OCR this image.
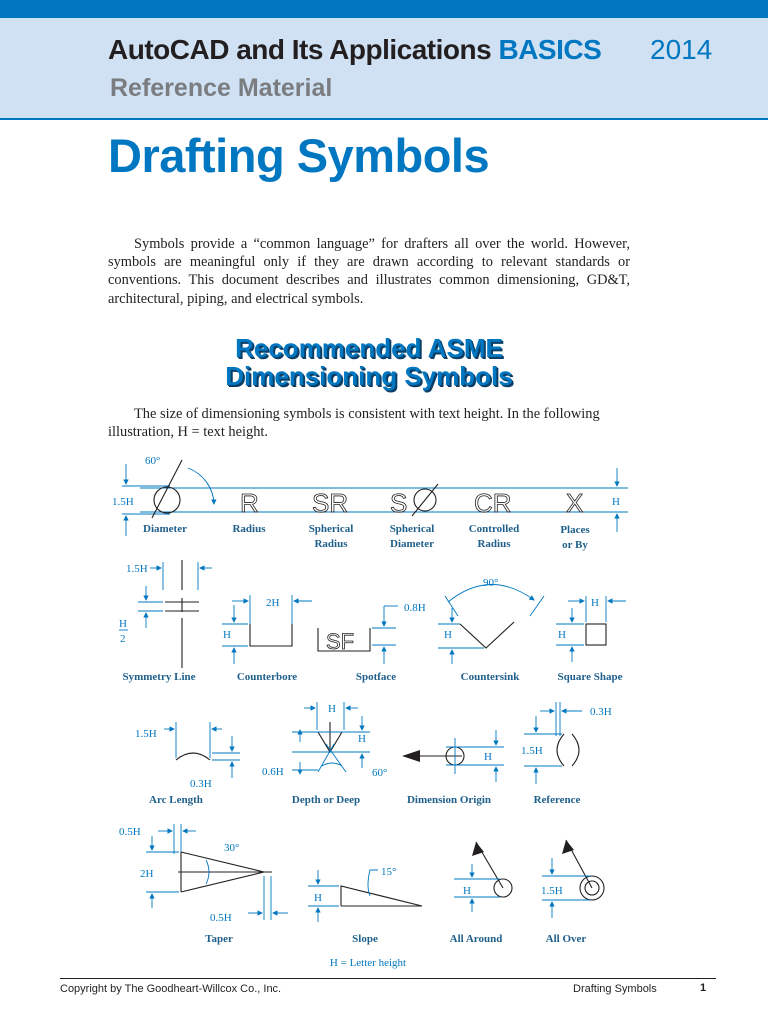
AutoCAD and Its Applications BASICS 2014
Reference Material
Drafting Symbols

Symbols provide a “common language” for drafters all over the world. However, symbols are meaningful only if they are drawn according to relevant standards or conventions. This document describes and illustrates common dimensioning, GD&T, architectural, piping, and electrical symbols.

Recommended ASME
Dimensioning Symbols

The size of dimensioning symbols is consistent with text height. In the following illustration, H = text height.

1.5H
60°
R SR S	CR X	H
Diameter	Radius	Spherical
Radius
Spherical
Diameter
Controlled
Radius
Places
or By
1.5H
H
2
Symmetry Line
2H
H
Counterbore
SF
0.8H
Spotface
90°
H
Countersink
H
H
Square Shape
1.5H
0.3H
Arc Length
H
H
0.6H	60°
Depth or Deep
H
Dimension Origin
0.3H
1.5H
Reference
0.5H
30°
2H
0.5H
Taper
15°
H
Slope
H
All Around
1.5H
All Over
H = Letter height
Copyright by The Goodheart-Willcox Co., Inc.	Drafting Symbols	1
